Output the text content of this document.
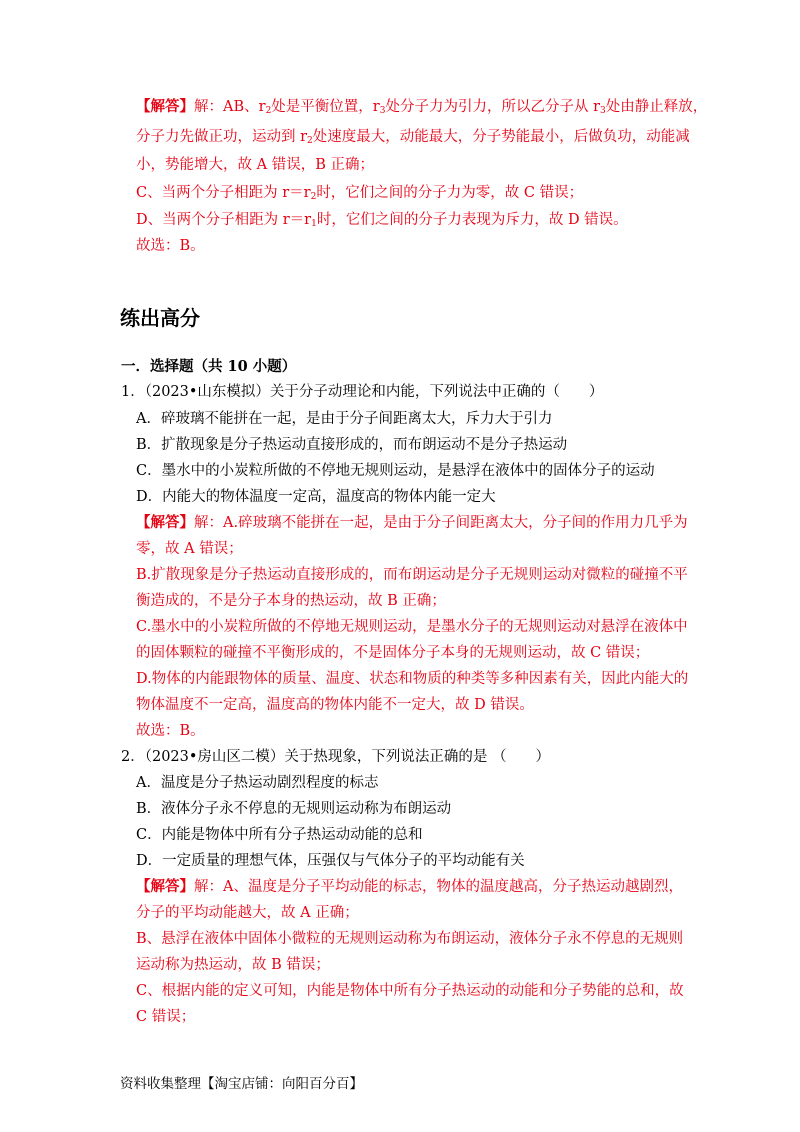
【解答】解：AB、$r_2$处是平衡位置，$r_3$处分子力为引力，所以乙分子从 $r_3$处由静止释放，
分子力先做正功，运动到 $r_2$处速度最大，动能最大，分子势能最小，后做负功，动能减
小，势能增大，故 A 错误，B 正确；
C、当两个分子相距为 $r=r_2$时，它们之间的分子力为零，故 C 错误；
D、当两个分子相距为 $r=r_1$时，它们之间的分子力表现为斥力，故 D 错误。
故选：B。
练出高分
一．选择题（共 10 小题）
1．（2023•山东模拟）关于分子动理论和内能，下列说法中正确的（　　）
A．碎玻璃不能拼在一起，是由于分子间距离太大，斥力大于引力
B．扩散现象是分子热运动直接形成的，而布朗运动不是分子热运动
C．墨水中的小炭粒所做的不停地无规则运动，是悬浮在液体中的固体分子的运动
D．内能大的物体温度一定高，温度高的物体内能一定大
【解答】解：A.碎玻璃不能拼在一起，是由于分子间距离太大，分子间的作用力几乎为
零，故 A 错误；
B.扩散现象是分子热运动直接形成的，而布朗运动是分子无规则运动对微粒的碰撞不平
衡造成的，不是分子本身的热运动，故 B 正确；
C.墨水中的小炭粒所做的不停地无规则运动，是墨水分子的无规则运动对悬浮在液体中
的固体颗粒的碰撞不平衡形成的，不是固体分子本身的无规则运动，故 C 错误；
D.物体的内能跟物体的质量、温度、状态和物质的种类等多种因素有关，因此内能大的
物体温度不一定高，温度高的物体内能不一定大，故 D 错误。
故选：B。
2．（2023•房山区二模）关于热现象，下列说法正确的是 （　　）
A．温度是分子热运动剧烈程度的标志
B．液体分子永不停息的无规则运动称为布朗运动
C．内能是物体中所有分子热运动动能的总和
D．一定质量的理想气体，压强仅与气体分子的平均动能有关
【解答】解：A、温度是分子平均动能的标志，物体的温度越高，分子热运动越剧烈，
分子的平均动能越大，故 A 正确；
B、悬浮在液体中固体小微粒的无规则运动称为布朗运动，液体分子永不停息的无规则
运动称为热运动，故 B 错误；
C、根据内能的定义可知，内能是物体中所有分子热运动的动能和分子势能的总和，故
C 错误；
资料收集整理【淘宝店铺：向阳百分百】
